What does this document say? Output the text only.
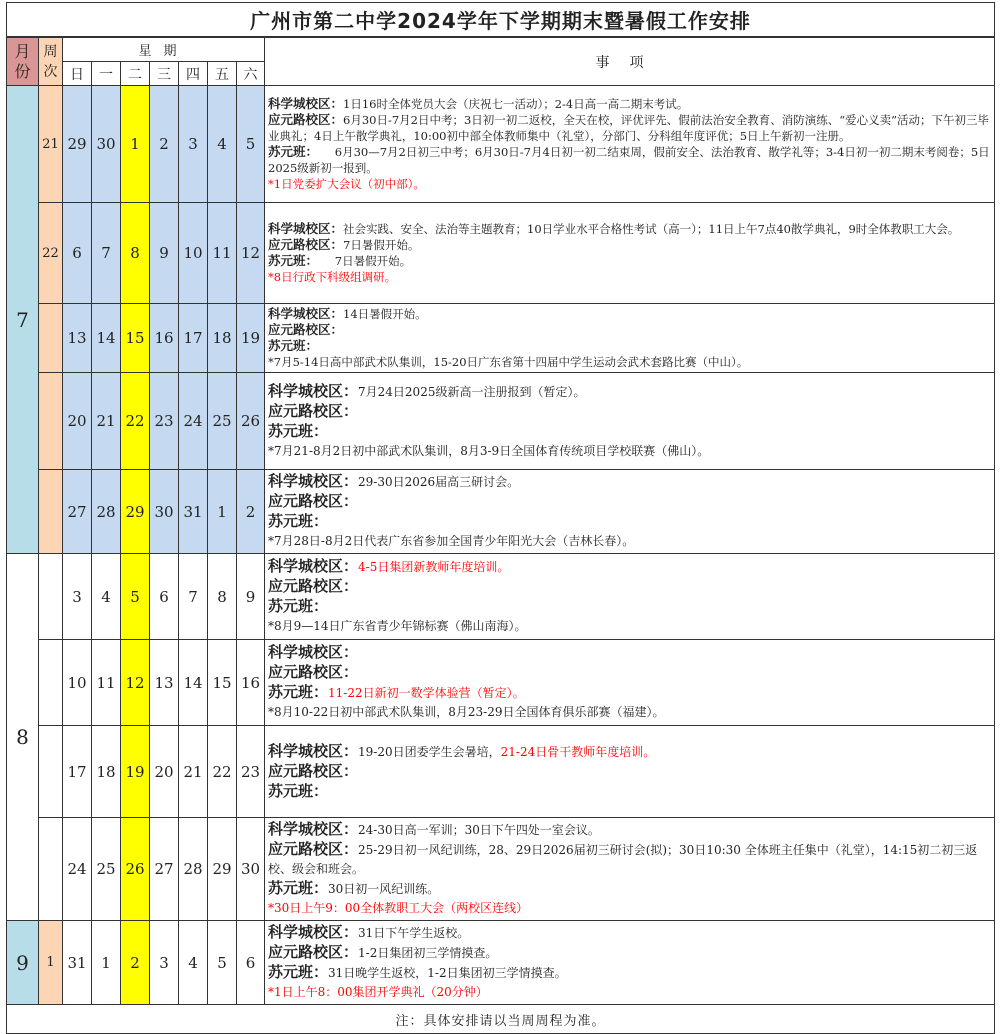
广州市第二中学2024学年下学期期末暨暑假工作安排									
月份	周次	星期							事项
		日	一	二	三	四	五	六	
7	21	29	30	1	2	3	4	5	科学城校区：1日16时全体党员大会（庆祝七一活动）；2-4日高一高二期末考试。
应元路校区：6月30日-7月2日中考；3日初一初二返校，全天在校，评优评先、假前法治安全教育、消防演练、“爱心义卖”活动；下午初三毕业典礼；4日上午散学典礼，10:00初中部全体教师集中（礼堂），分部门、分科组年度评优；5日上午新初一注册。
苏元班：　　6月30—7月2日初三中考；6月30日-7月4日初一初二结束周，假前安全、法治教育、散学礼等；3-4日初一初二期末考阅卷；5日2025级新初一报到。
*1日党委扩大会议（初中部）。

	22	6	7	8	9	10	11	12	科学城校区：社会实践、安全、法治等主题教育；10日学业水平合格性考试（高一）；11日上午7点40散学典礼，9时全体教职工大会。
应元路校区：7日暑假开始。
苏元班：　　7日暑假开始。
*8日行政下科级组调研。

		13	14	15	16	17	18	19	科学城校区：14日暑假开始。
应元路校区：
苏元班：
*7月5-14日高中部武术队集训，15-20日广东省第十四届中学生运动会武术套路比赛（中山）。

		20	21	22	23	24	25	26	科学城校区：7月24日2025级新高一注册报到（暂定）。
应元路校区：
苏元班：
*7月21-8月2日初中部武术队集训，8月3-9日全国体育传统项目学校联赛（佛山）。

		27	28	29	30	31	1	2	科学城校区：29-30日2026届高三研讨会。
应元路校区：
苏元班：
*7月28日-8月2日代表广东省参加全国青少年阳光大会（吉林长春）。

8		3	4	5	6	7	8	9	科学城校区：4-5日集团新教师年度培训。
应元路校区：
苏元班：
*8月9—14日广东省青少年锦标赛（佛山南海）。

		10	11	12	13	14	15	16	科学城校区：
应元路校区：
苏元班：11-22日新初一数学体验营（暂定）。
*8月10-22日初中部武术队集训，8月23-29日全国体育俱乐部赛（福建）。

		17	18	19	20	21	22	23	科学城校区：19-20日团委学生会暑培，21-24日骨干教师年度培训。
应元路校区：
苏元班：

		24	25	26	27	28	29	30	科学城校区：24-30日高一军训；30日下午四处一室会议。
应元路校区：25-29日初一风纪训练，28、29日2026届初三研讨会(拟)；30日10:30 全体班主任集中（礼堂），14:15初二初三返校、级会和班会。
苏元班：30日初一风纪训练。
*30日上午9：00全体教职工大会（两校区连线）

9	1	31	1	2	3	4	5	6	科学城校区：31日下午学生返校。
应元路校区：1-2日集团初三学情摸查。
苏元班：31日晚学生返校，1-2日集团初三学情摸查。
*1日上午8：00集团开学典礼（20分钟）

注：具体安排请以当周周程为准。									
